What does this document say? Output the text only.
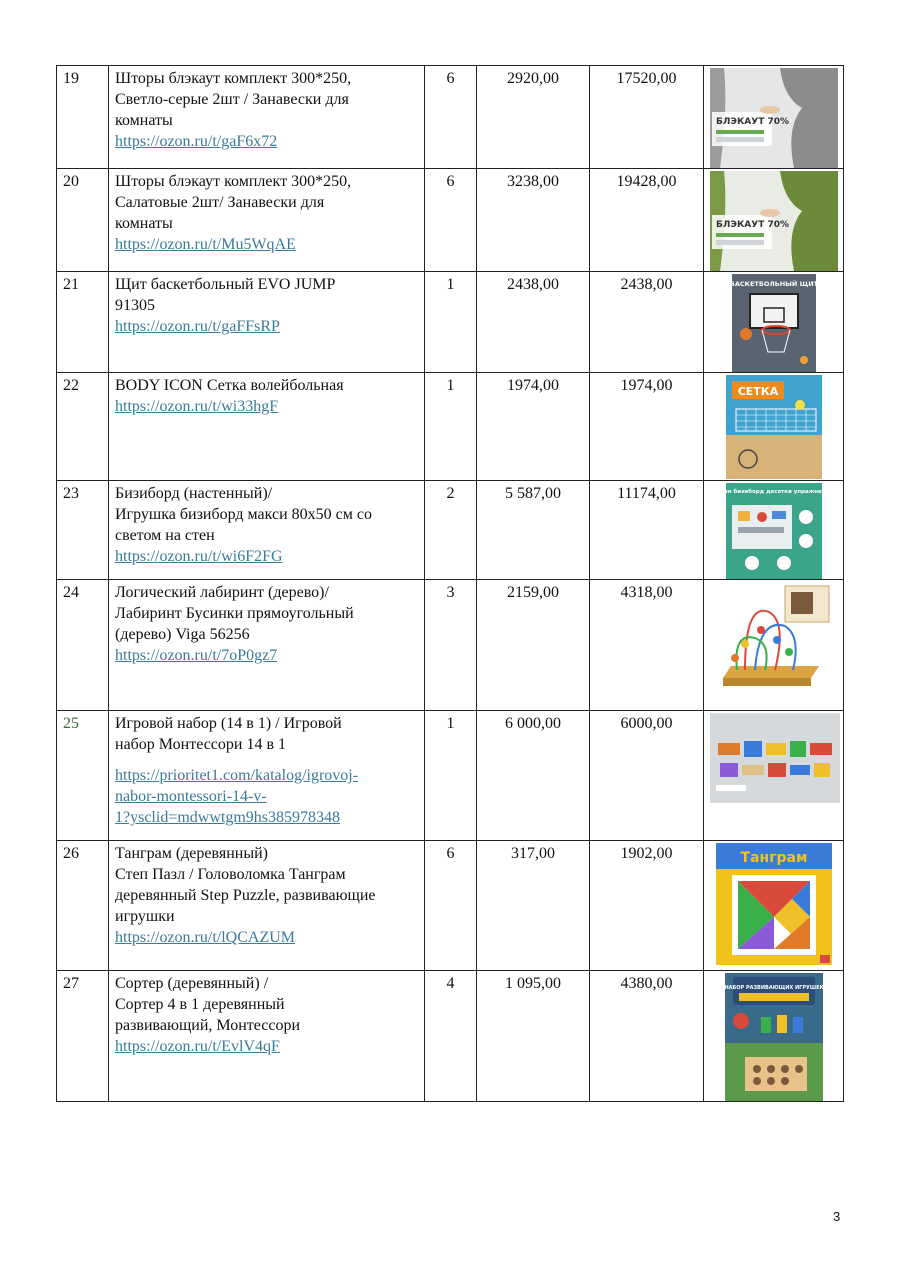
19	Шторы блэкаут комплект 300*250,
Светло-серые 2шт / Занавески для
комнаты
https://ozon.ru/t/gaF6x72	6	2920,00	17520,00	БЛЭКАУТ 70%

20	Шторы блэкаут комплект 300*250,
Салатовые 2шт/ Занавески для
комнаты
https://ozon.ru/t/Mu5WqAE	6	3238,00	19428,00	БЛЭКАУТ 70%

21	Щит баскетбольный EVO JUMP
91305
https://ozon.ru/t/gaFFsRP	1	2438,00	2438,00	БАСКЕТБОЛЬНЫЙ ЩИТ

22	BODY ICON Сетка волейбольная
https://ozon.ru/t/wi33hgF	1	1974,00	1974,00	СЕТКА

23	Бизиборд (настенный)/
Игрушка бизиборд макси 80x50 см со
светом на стен
https://ozon.ru/t/wi6F2FG	2	5 587,00	11174,00	Один бизиборд десятки упражнений

24	Логический лабиринт (дерево)/
Лабиринт Бусинки прямоугольный
(дерево) Viga 56256
https://ozon.ru/t/7oP0gz7	3	2159,00	4318,00	

25	Игровой набор (14 в 1) / Игровой
набор Монтессори 14 в 1
https://prioritet1.com/katalog/igrovoj-
nabor-montessori-14-v-
1?ysclid=mdwwtgm9hs385978348	1	6 000,00	6000,00	

26	Танграм (деревянный)
Степ Пазл / Головоломка Танграм
деревянный Step Puzzle, развивающие
игрушки
https://ozon.ru/t/lQCAZUM	6	317,00	1902,00	Танграм

27	Сортер (деревянный) /
Сортер 4 в 1 деревянный
развивающий, Монтессори
https://ozon.ru/t/EvlV4qF	4	1 095,00	4380,00	НАБОР РАЗВИВАЮЩИХ ИГРУШЕК
3
